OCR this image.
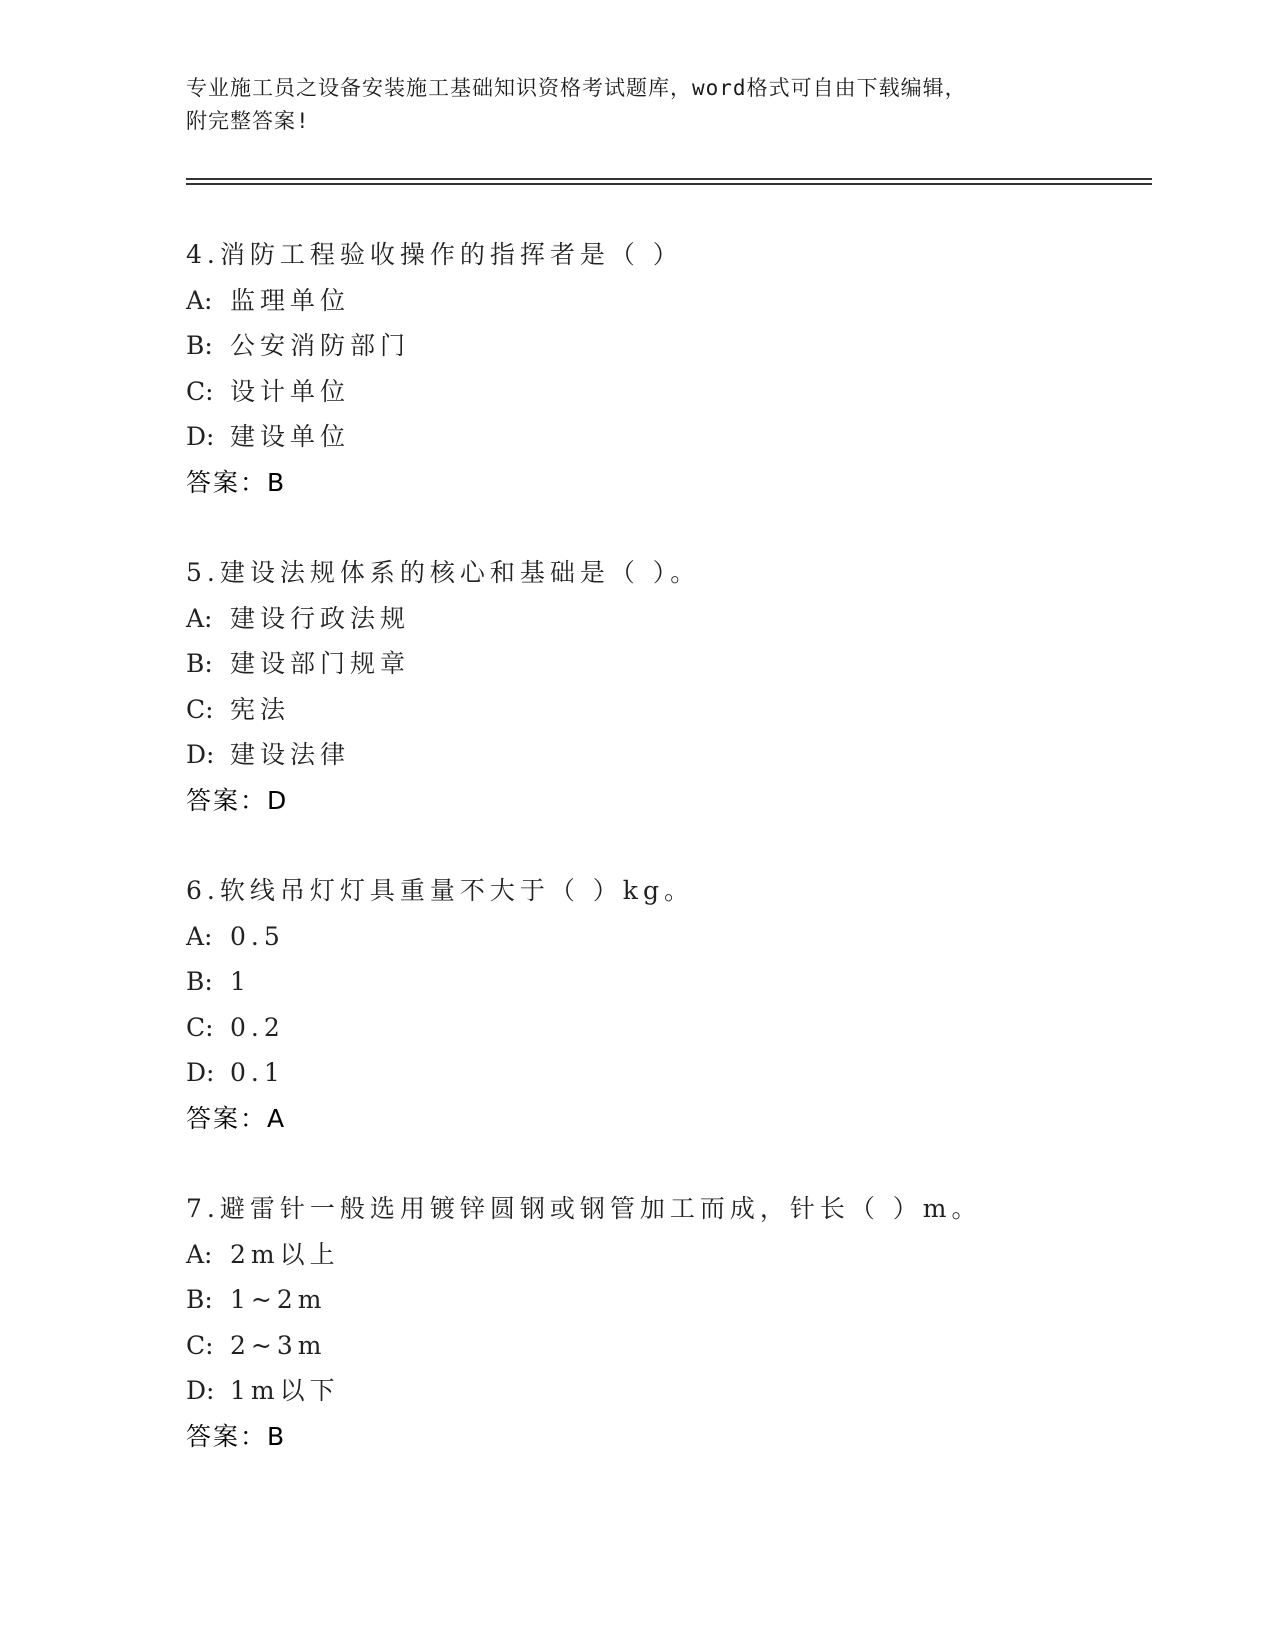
专业施工员之设备安装施工基础知识资格考试题库，word格式可自由下载编辑，
附完整答案!
4.消防工程验收操作的指挥者是（ ）
A: 监理单位
B: 公安消防部门
C: 设计单位
D: 建设单位
答案：B
5.建设法规体系的核心和基础是（ ）。
A: 建设行政法规
B: 建设部门规章
C: 宪法
D: 建设法律
答案：D
6.软线吊灯灯具重量不大于（ ）kg。
A: 0.5
B: 1
C: 0.2
D: 0.1
答案：A
7.避雷针一般选用镀锌圆钢或钢管加工而成，针长（ ）m。
A: 2m以上
B: 1~2m
C: 2~3m
D: 1m以下
答案：B
